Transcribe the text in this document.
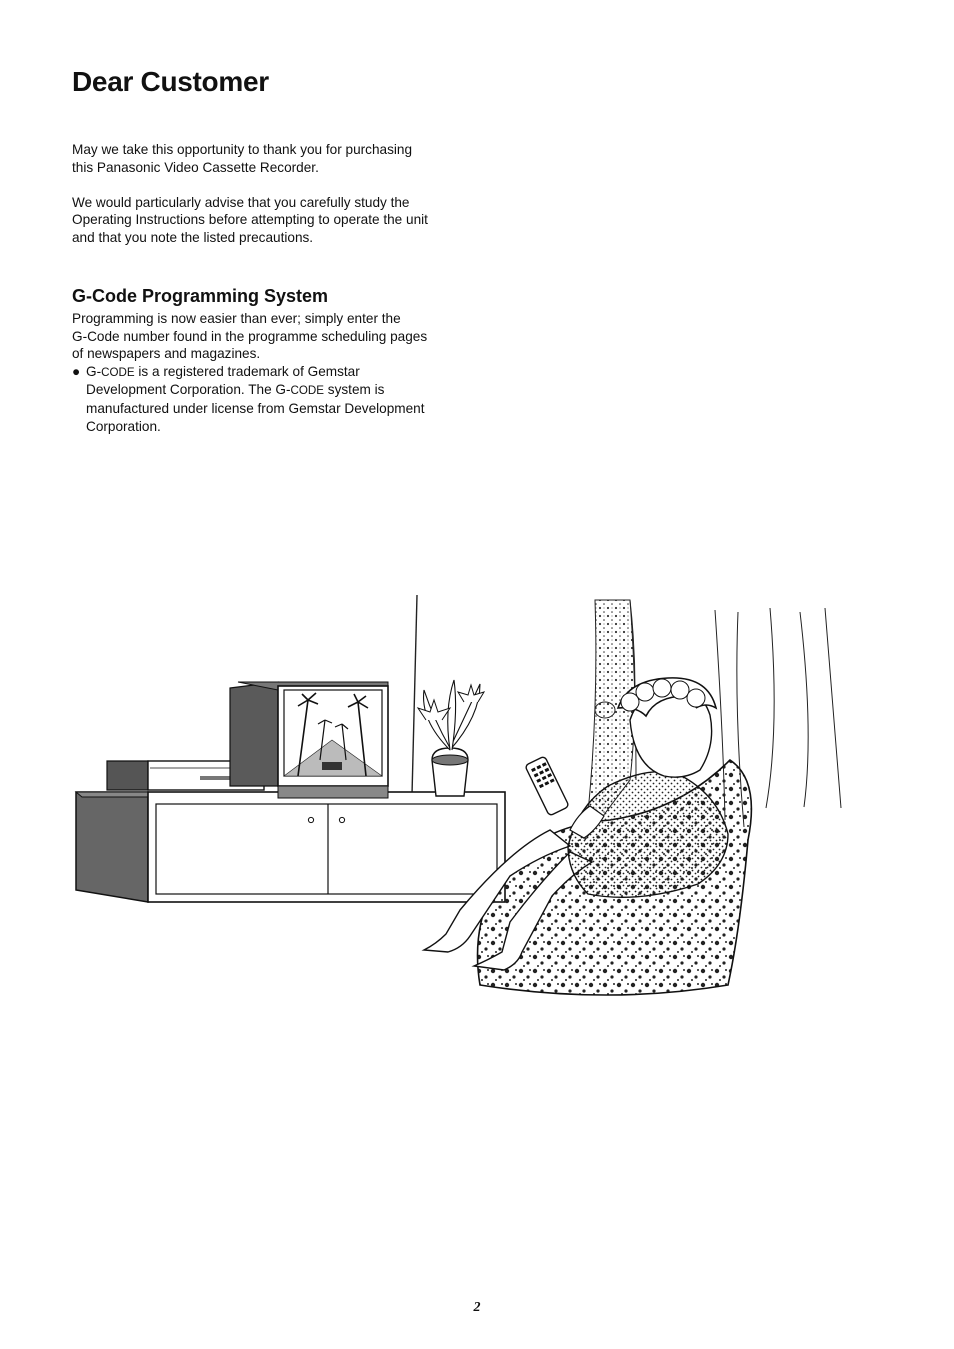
Dear Customer

May we take this opportunity to thank you for purchasing
this Panasonic Video Cassette Recorder.

We would particularly advise that you carefully study the
Operating Instructions before attempting to operate the unit
and that you note the listed precautions.

G-Code Programming System

Programming is now easier than ever; simply enter the
G-Code number found in the programme scheduling pages
of newspapers and magazines.

● G-CODE is a registered trademark of Gemstar
Development Corporation. The G-CODE system is
manufactured under license from Gemstar Development
Corporation.
2
